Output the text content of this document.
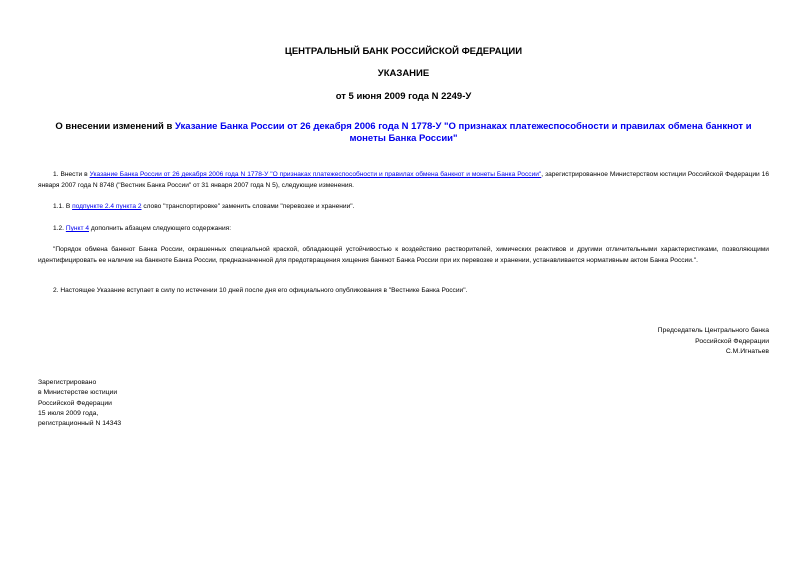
ЦЕНТРАЛЬНЫЙ БАНК РОССИЙСКОЙ ФЕДЕРАЦИИ
УКАЗАНИЕ
от 5 июня 2009 года N 2249-У
О внесении изменений в Указание Банка России от 26 декабря 2006 года N 1778-У "О признаках платежеспособности и правилах обмена банкнот и монеты Банка России"
1. Внести в Указание Банка России от 26 декабря 2006 года N 1778-У "О признаках платежеспособности и правилах обмена банкнот и монеты Банка России", зарегистрированное Министерством юстиции Российской Федерации 16 января 2007 года N 8748 ("Вестник Банка России" от 31 января 2007 года N 5), следующие изменения.
1.1. В подпункте 2.4 пункта 2 слово "транспортировке" заменить словами "перевозке и хранении".
1.2. Пункт 4 дополнить абзацем следующего содержания:
"Порядок обмена банкнот Банка России, окрашенных специальной краской, обладающей устойчивостью к воздействию растворителей, химических реактивов и другими отличительными характеристиками, позволяющими идентифицировать ее наличие на банкноте Банка России, предназначенной для предотвращения хищения банкнот Банка России при их перевозке и хранении, устанавливается нормативным актом Банка России.".
2. Настоящее Указание вступает в силу по истечении 10 дней после дня его официального опубликования в "Вестнике Банка России".
Председатель Центрального банка
Российской Федерации
С.М.Игнатьев
Зарегистрировано
в Министерстве юстиции
Российской Федерации
15 июля 2009 года,
регистрационный N 14343
